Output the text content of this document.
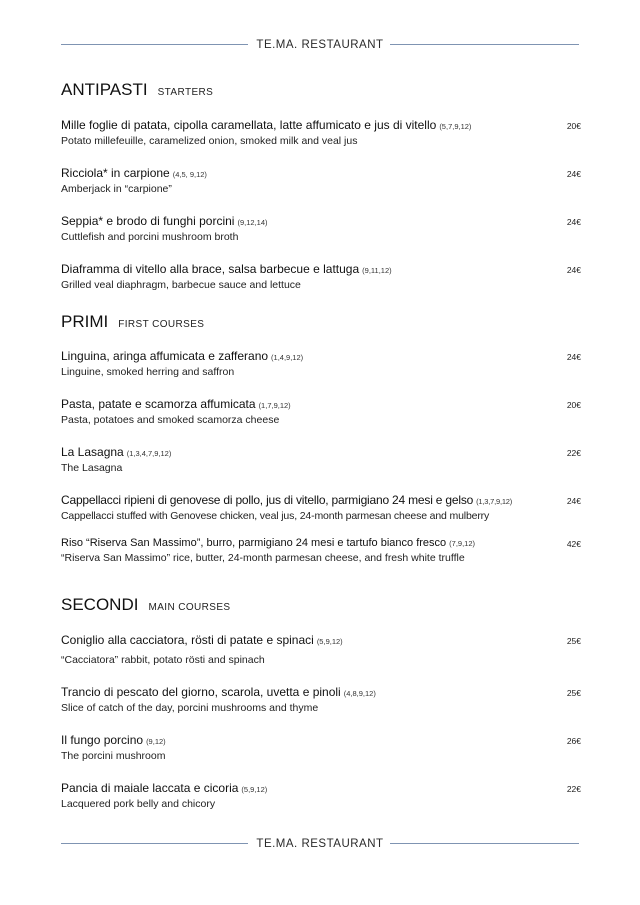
TE.MA. RESTAURANT
ANTIPASTI STARTERS
Mille foglie di patata, cipolla caramellata, latte affumicato e jus di vitello (5,7,9,12)
Potato millefeuille, caramelized onion, smoked milk and veal jus
20€
Ricciola* in carpione (4,5, 9,12)
Amberjack in “carpione”
24€
Seppia* e brodo di funghi porcini (9,12,14)
Cuttlefish and porcini mushroom broth
24€
Diaframma di vitello alla brace, salsa barbecue e lattuga (9,11,12)
Grilled veal diaphragm, barbecue sauce and lettuce
24€
PRIMI FIRST COURSES
Linguina, aringa affumicata e zafferano (1,4,9,12)
Linguine, smoked herring and saffron
24€
Pasta, patate e scamorza affumicata (1,7,9,12)
Pasta, potatoes and smoked scamorza cheese
20€
La Lasagna (1,3,4,7,9,12)
The Lasagna
22€
Cappellacci ripieni di genovese di pollo, jus di vitello, parmigiano 24 mesi e gelso (1,3,7,9,12)
Cappellacci stuffed with Genovese chicken, veal jus, 24-month parmesan cheese and mulberry
24€
Riso “Riserva San Massimo”, burro, parmigiano 24 mesi e tartufo bianco fresco (7,9,12)
“Riserva San Massimo” rice, butter, 24-month parmesan cheese, and fresh white truffle
42€
SECONDI MAIN COURSES
Coniglio alla cacciatora, rösti di patate e spinaci (5,9,12)
“Cacciatora” rabbit, potato rösti and spinach
25€
Trancio di pescato del giorno, scarola, uvetta e pinoli (4,8,9,12)
Slice of catch of the day, porcini mushrooms and thyme
25€
Il fungo porcino (9,12)
The porcini mushroom
26€
Pancia di maiale laccata e cicoria (5,9,12)
Lacquered pork belly and chicory
22€
TE.MA. RESTAURANT
